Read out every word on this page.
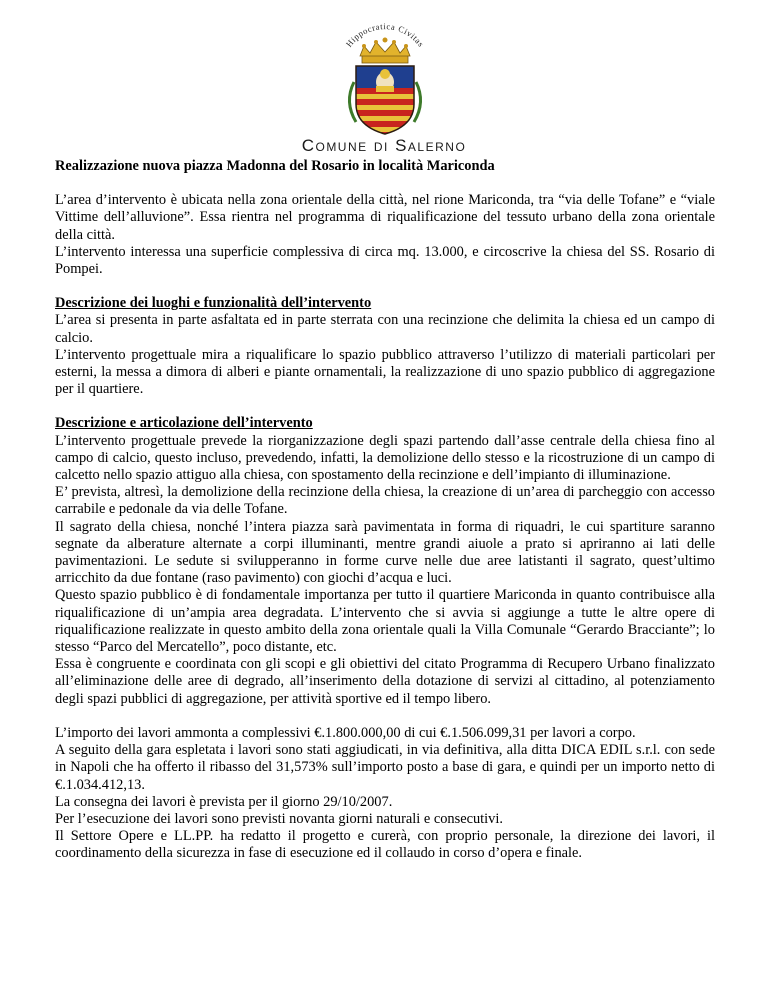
Hippocratica Civitas
Comune di Salerno

Realizzazione nuova piazza Madonna del Rosario in località Mariconda

L’area d’intervento è ubicata nella zona orientale della città, nel rione Mariconda, tra “via delle Tofane” e “viale Vittime dell’alluvione”. Essa rientra nel programma di riqualificazione del tessuto urbano della zona orientale della città.

L’intervento interessa una superficie complessiva di circa mq. 13.000, e circoscrive la chiesa del SS. Rosario di Pompei.

Descrizione dei luoghi e funzionalità dell’intervento

L’area si presenta in parte asfaltata ed in parte sterrata con una recinzione che delimita la chiesa ed un campo di calcio.

L’intervento progettuale mira a riqualificare lo spazio pubblico attraverso l’utilizzo di materiali particolari per esterni, la messa a dimora di alberi e piante ornamentali, la realizzazione di uno spazio pubblico di aggregazione per il quartiere.

Descrizione e articolazione dell’intervento

L’intervento progettuale prevede la riorganizzazione degli spazi partendo dall’asse centrale della chiesa fino al campo di calcio, questo incluso, prevedendo, infatti, la demolizione dello stesso e la ricostruzione di un campo di calcetto nello spazio attiguo alla chiesa, con spostamento della recinzione e dell’impianto di illuminazione.

E’ prevista, altresì, la demolizione della recinzione della chiesa, la creazione di un’area di parcheggio con accesso carrabile e pedonale da via delle Tofane.

Il sagrato della chiesa, nonché l’intera piazza sarà pavimentata in forma di riquadri, le cui spartiture saranno segnate da alberature alternate a corpi illuminanti, mentre grandi aiuole a prato si apriranno ai lati delle pavimentazioni. Le sedute si svilupperanno in forme curve nelle due aree latistanti il sagrato, quest’ultimo arricchito da due fontane (raso pavimento) con giochi d’acqua e luci.

Questo spazio pubblico è di fondamentale importanza per tutto il quartiere Mariconda in quanto contribuisce alla riqualificazione di un’ampia area degradata. L’intervento che si avvia si aggiunge a tutte le altre opere di riqualificazione realizzate in questo ambito della zona orientale quali la Villa Comunale “Gerardo Bracciante”; lo stesso “Parco del Mercatello”, poco distante, etc.

Essa è congruente e coordinata con gli scopi e gli obiettivi del citato Programma di Recupero Urbano finalizzato all’eliminazione delle aree di degrado, all’inserimento della dotazione di servizi al cittadino, al potenziamento degli spazi pubblici di aggregazione, per attività sportive ed il tempo libero.

L’importo dei lavori ammonta a complessivi €.1.800.000,00 di cui €.1.506.099,31 per lavori a corpo.

A seguito della gara espletata i lavori sono stati aggiudicati, in via definitiva, alla ditta DICA EDIL s.r.l. con sede in Napoli che ha offerto il ribasso del 31,573% sull’importo posto a base di gara, e quindi per un importo netto di €.1.034.412,13.

La consegna dei lavori è prevista per il giorno 29/10/2007.

Per l’esecuzione dei lavori sono previsti novanta giorni naturali e consecutivi.

Il Settore Opere e LL.PP. ha redatto il progetto e curerà, con proprio personale, la direzione dei lavori, il coordinamento della sicurezza in fase di esecuzione ed il collaudo in corso d’opera e finale.
